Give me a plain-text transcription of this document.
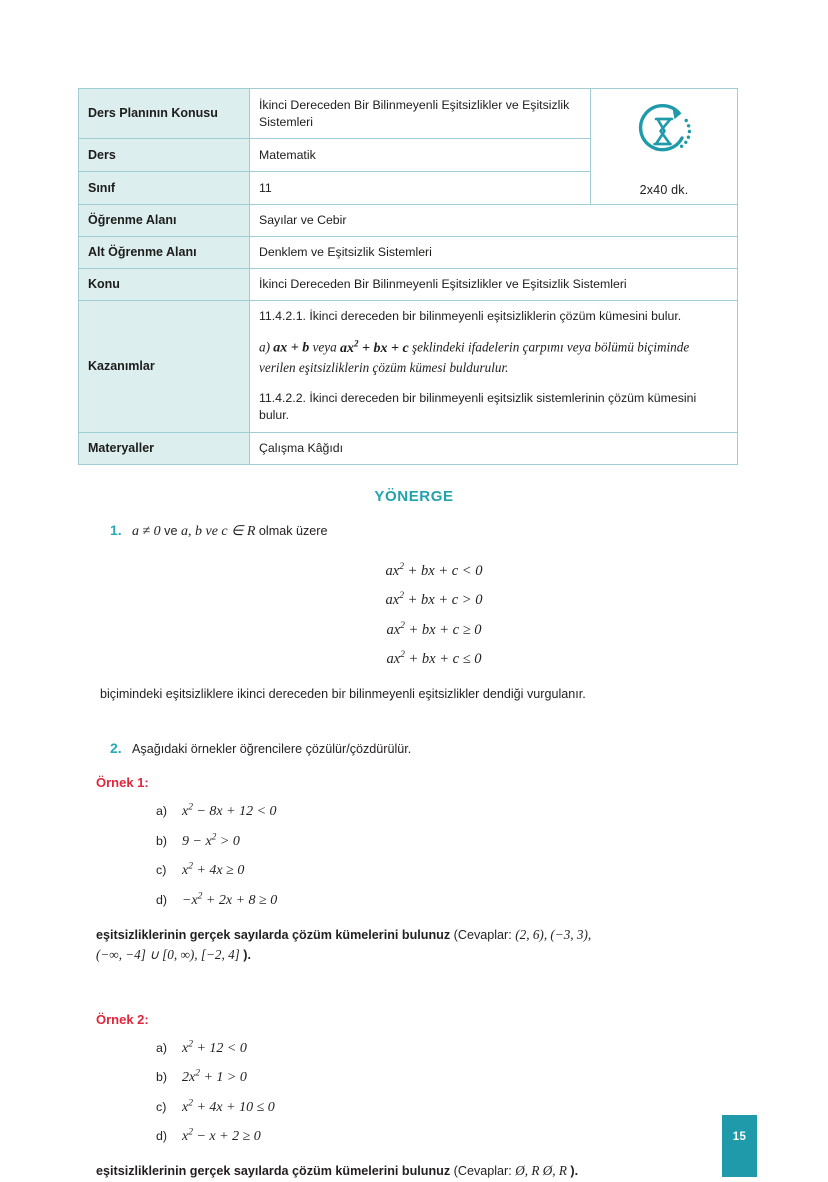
Ders Planının Konusu	İkinci Dereceden Bir Bilinmeyenli Eşitsizlikler ve Eşitsizlik Sistemleri	2x40 dk.

Ders	Matematik	
Sınıf	11	
Öğrenme Alanı	Sayılar ve Cebir	
Alt Öğrenme Alanı	Denklem ve Eşitsizlik Sistemleri	
Konu	İkinci Dereceden Bir Bilinmeyenli Eşitsizlikler ve Eşitsizlik Sistemleri	
Kazanımlar	11.4.2.1. İkinci dereceden bir bilinmeyenli eşitsizliklerin çözüm kümesini bulur.

a) ax + b veya $ax^2$ + bx + c şeklindeki ifadelerin çarpımı veya bölümü biçiminde verilen eşitsizliklerin çözüm kümesi buldurulur.

11.4.2.2. İkinci dereceden bir bilinmeyenli eşitsizlik sistemlerinin çözüm kümesini bulur.	

Materyaller	Çalışma Kâğıdı	
YÖNERGE
1. a ≠ 0 ve a, b ve c ∈ R olmak üzere
$ax^2$ + bx + c < 0
$ax^2$ + bx + c > 0
$ax^2$ + bx + c ≥ 0
$ax^2$ + bx + c ≤ 0
biçimindeki eşitsizliklere ikinci dereceden bir bilinmeyenli eşitsizlikler dendiği vurgulanır.
2. Aşağıdaki örnekler öğrencilere çözülür/çözdürülür.
Örnek 1:
a) $x^2 - 8x + 12 < 0$
b) $9 - x^2 > 0$
c) $x^2 + 4x \ge 0$
$d) -x^2 + 2x + 8 \ge 0$
eşitsizliklerinin gerçek sayılarda çözüm kümelerini bulunuz (Cevaplar: (2, 6), (−3, 3),
(−∞, −4] ∪ [0, ∞), [−2, 4] ).
Örnek 2:
a) $x^2 + 12 < 0$
b) $2x^2 + 1 > 0$
c) $x^2 + 4x + 10 \le 0$
d) $x^2 - x + 2 \ge 0$
eşitsizliklerinin gerçek sayılarda çözüm kümelerini bulunuz (Cevaplar: Ø, R Ø, R ).
15
